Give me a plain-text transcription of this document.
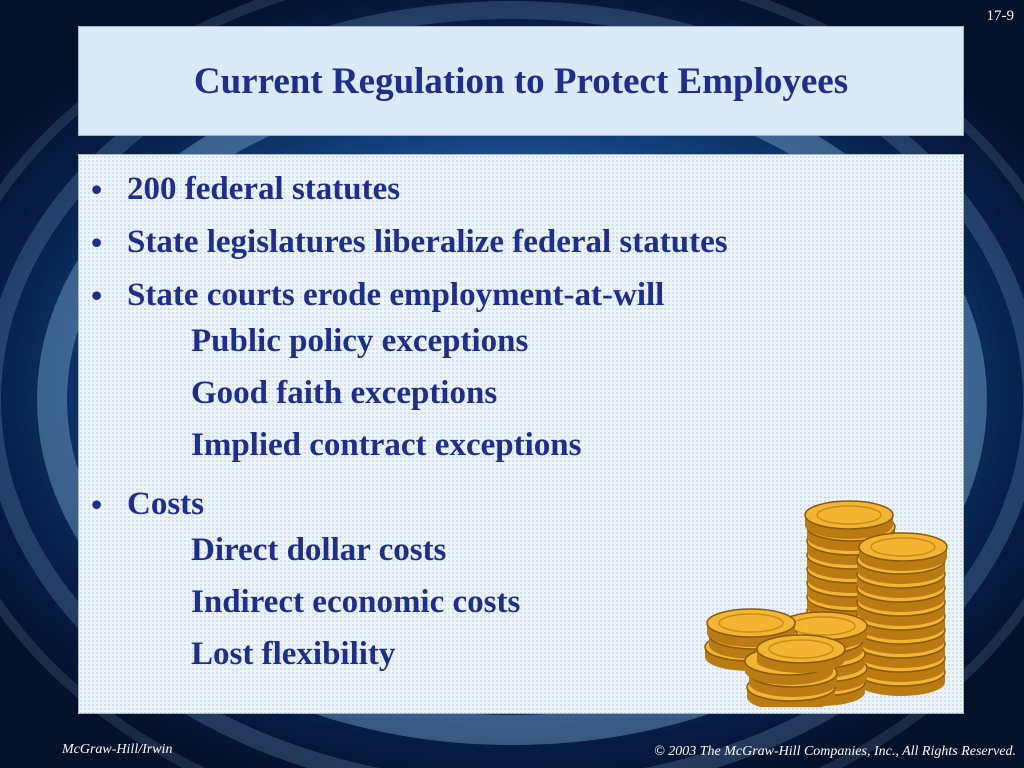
17-9
Current Regulation to Protect Employees
• 200 federal statutes
• State legislatures liberalize federal statutes
• State courts erode employment-at-will
Public policy exceptions
Good faith exceptions
Implied contract exceptions
• Costs
Direct dollar costs
Indirect economic costs
Lost flexibility
McGraw-Hill/Irwin	© 2003 The McGraw-Hill Companies, Inc., All Rights Reserved.
